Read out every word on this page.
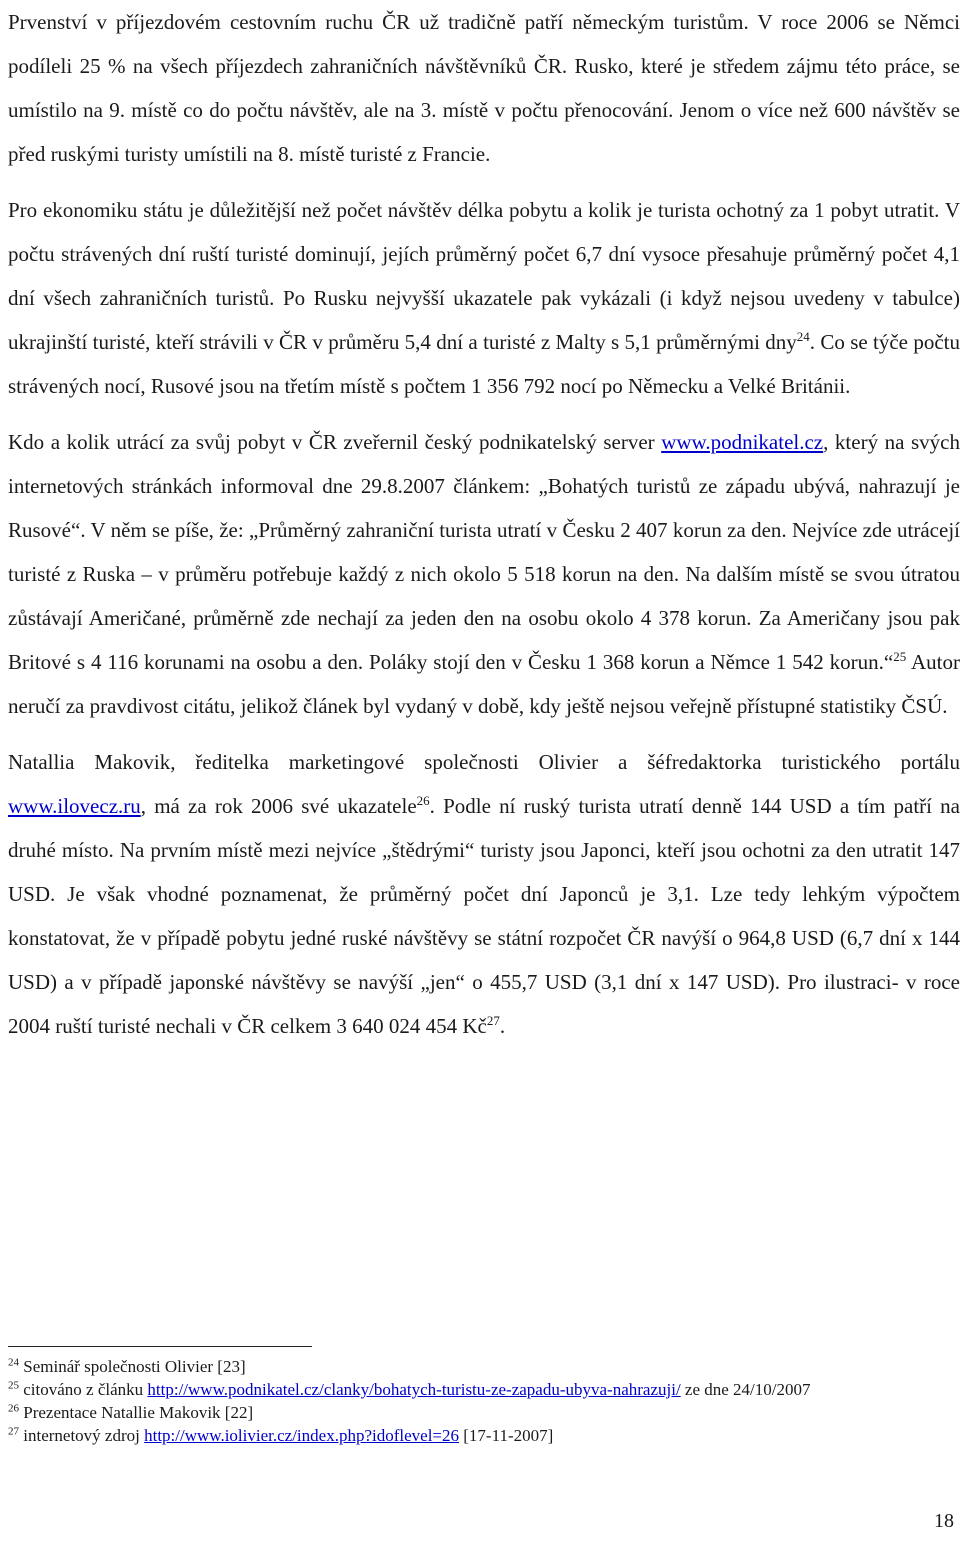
Prvenství v příjezdovém cestovním ruchu ČR už tradičně patří německým turistům. V roce 2006 se Němci podíleli 25 % na všech příjezdech zahraničních návštěvníků ČR. Rusko, které je středem zájmu této práce, se umístilo na 9. místě co do počtu návštěv, ale na 3. místě v počtu přenocování. Jenom o více než 600 návštěv se před ruskými turisty umístili na 8. místě turisté z Francie.

Pro ekonomiku státu je důležitější než počet návštěv délka pobytu a kolik je turista ochotný za 1 pobyt utratit. V počtu strávených dní ruští turisté dominují, jejích průměrný počet 6,7 dní vysoce přesahuje průměrný počet 4,1 dní všech zahraničních turistů. Po Rusku nejvyšší ukazatele pak vykázali (i když nejsou uvedeny v tabulce) ukrajinští turisté, kteří strávili v ČR v průměru 5,4 dní a turisté z Malty s 5,1 průměrnými dny$^{24}$. Co se týče počtu strávených nocí, Rusové jsou na třetím místě s počtem 1 356 792 nocí po Německu a Velké Británii.

Kdo a kolik utrácí za svůj pobyt v ČR zveřernil český podnikatelský server www.podnikatel.cz, který na svých internetových stránkách informoval dne 29.8.2007 článkem: „Bohatých turistů ze západu ubývá, nahrazují je Rusové“. V něm se píše, že: „Průměrný zahraniční turista utratí v Česku 2 407 korun za den. Nejvíce zde utrácejí turisté z Ruska – v průměru potřebuje každý z nich okolo 5 518 korun na den. Na dalším místě se svou útratou zůstávají Američané, průměrně zde nechají za jeden den na osobu okolo 4 378 korun. Za Američany jsou pak Britové s 4 116 korunami na osobu a den. Poláky stojí den v Česku 1 368 korun a Němce 1 542 korun.“$^{25}$ Autor neručí za pravdivost citátu, jelikož článek byl vydaný v době, kdy ještě nejsou veřejně přístupné statistiky ČSÚ.

Natallia Makovik, ředitelka marketingové společnosti Olivier a šéfredaktorka turistického portálu www.ilovecz.ru, má za rok 2006 své ukazatele$^{26}$. Podle ní ruský turista utratí denně 144 USD a tím patří na druhé místo. Na prvním místě mezi nejvíce „štědrými“ turisty jsou Japonci, kteří jsou ochotni za den utratit 147 USD. Je však vhodné poznamenat, že průměrný počet dní Japonců je 3,1. Lze tedy lehkým výpočtem konstatovat, že v případě pobytu jedné ruské návštěvy se státní rozpočet ČR navýší o 964,8 USD (6,7 dní x 144 USD) a v případě japonské návštěvy se navýší „jen“ o 455,7 USD (3,1 dní x 147 USD). Pro ilustraci- v roce 2004 ruští turisté nechali v ČR celkem 3 640 024 454 $Kč^{27}$.

$^{24}$ Seminář společnosti Olivier [23]

$^{25}$ citováno z článku http://www.podnikatel.cz/clanky/bohatych-turistu-ze-zapadu-ubyva-nahrazuji/ ze dne 24/10/2007

$^{26}$ Prezentace Natallie Makovik [22]

$^{27}$ internetový zdroj http://www.iolivier.cz/index.php?idoflevel=26 [17-11-2007]

18
